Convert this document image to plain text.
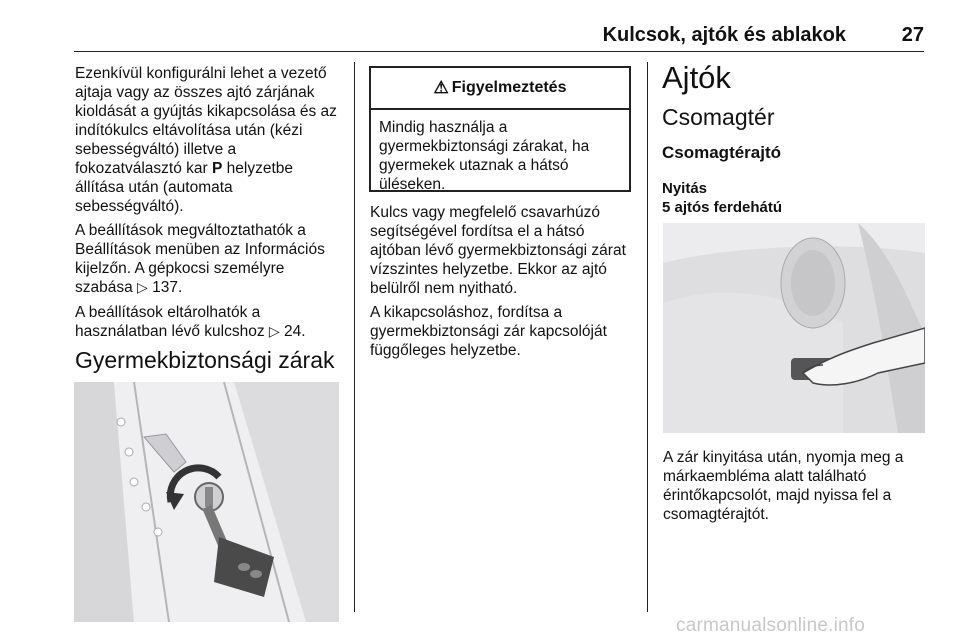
Kulcsok, ajtók és ablakok	27

Ezenkívül konfigurálni lehet a vezető ajtaja vagy az összes ajtó zárjának kioldását a gyújtás kikapcsolása és az indítókulcs eltávolítása után (kézi sebességváltó) illetve a fokozatválasztó kar P helyzetbe állítása után (automata sebességváltó).

A beállítások megváltoztathatók a Beállítások menüben az Információs kijelzőn. A gépkocsi személyre szabása ▷ 137.

A beállítások eltárolhatók a használatban lévő kulcshoz ▷ 24.

Gyermekbiztonsági zárak
⚠ Figyelmeztetés
Mindig használja a gyermekbiztonsági zárakat, ha gyermekek utaznak a hátsó üléseken.

Kulcs vagy megfelelő csavarhúzó segítségével fordítsa el a hátsó ajtóban lévő gyermekbiztonsági zárat vízszintes helyzetbe. Ekkor az ajtó belülről nem nyitható.

A kikapcsoláshoz, fordítsa a gyermekbiztonsági zár kapcsolóját függőleges helyzetbe.

Ajtók
Csomagtér
Csomagtérajtó
Nyitás
5 ajtós ferdehátú

A zár kinyitása után, nyomja meg a márkaembléma alatt található érintőkapcsolót, majd nyissa fel a csomagtérajtót.

carmanualsonline.info
